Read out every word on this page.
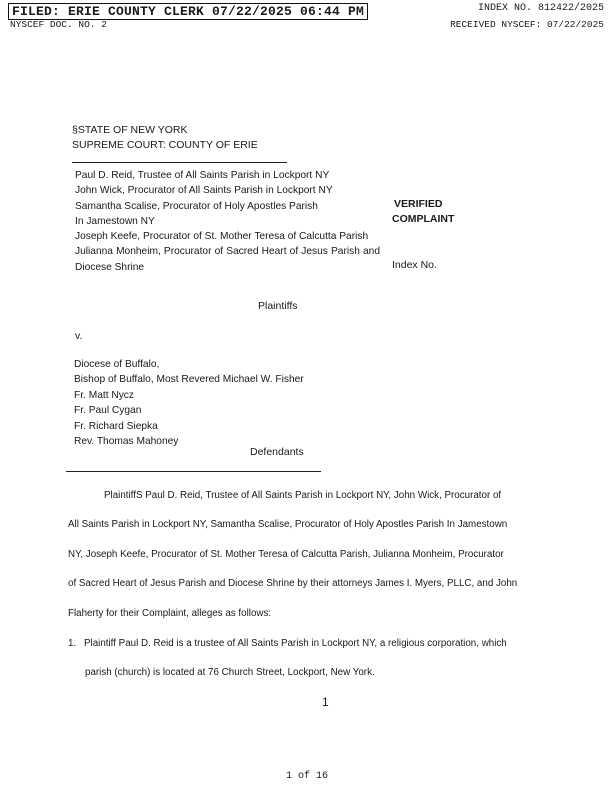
FILED: ERIE COUNTY CLERK 07/22/2025 06:44 PM	INDEX NO. 812422/2025
NYSCEF DOC. NO. 2	RECEIVED NYSCEF: 07/22/2025
§STATE OF NEW YORK
SUPREME COURT: COUNTY OF ERIE
Paul D. Reid, Trustee of All Saints Parish in Lockport NY
John Wick, Procurator of All Saints Parish in Lockport NY
Samantha Scalise, Procurator of Holy Apostles Parish
In Jamestown NY
Joseph Keefe, Procurator of St. Mother Teresa of Calcutta Parish
Julianna Monheim, Procurator of Sacred Heart of Jesus Parish and Diocese Shrine
VERIFIED
COMPLAINT
Index No.
Plaintiffs
v.
Diocese of Buffalo,
Bishop of Buffalo, Most Revered Michael W. Fisher
Fr. Matt Nycz
Fr. Paul Cygan
Fr. Richard Siepka
Rev. Thomas Mahoney
Defendants
PlaintiffS Paul D. Reid, Trustee of All Saints Parish in Lockport NY, John Wick, Procurator of
All Saints Parish in Lockport NY, Samantha Scalise, Procurator of Holy Apostles Parish In Jamestown
NY, Joseph Keefe, Procurator of St. Mother Teresa of Calcutta Parish, Julianna Monheim, Procurator
of Sacred Heart of Jesus Parish and Diocese Shrine by their attorneys James I. Myers, PLLC, and John
Flaherty for their Complaint, alleges as follows:
1. Plaintiff Paul D. Reid is a trustee of All Saints Parish in Lockport NY, a religious corporation, which
parish (church) is located at 76 Church Street, Lockport, New York.
1
1 of 16
